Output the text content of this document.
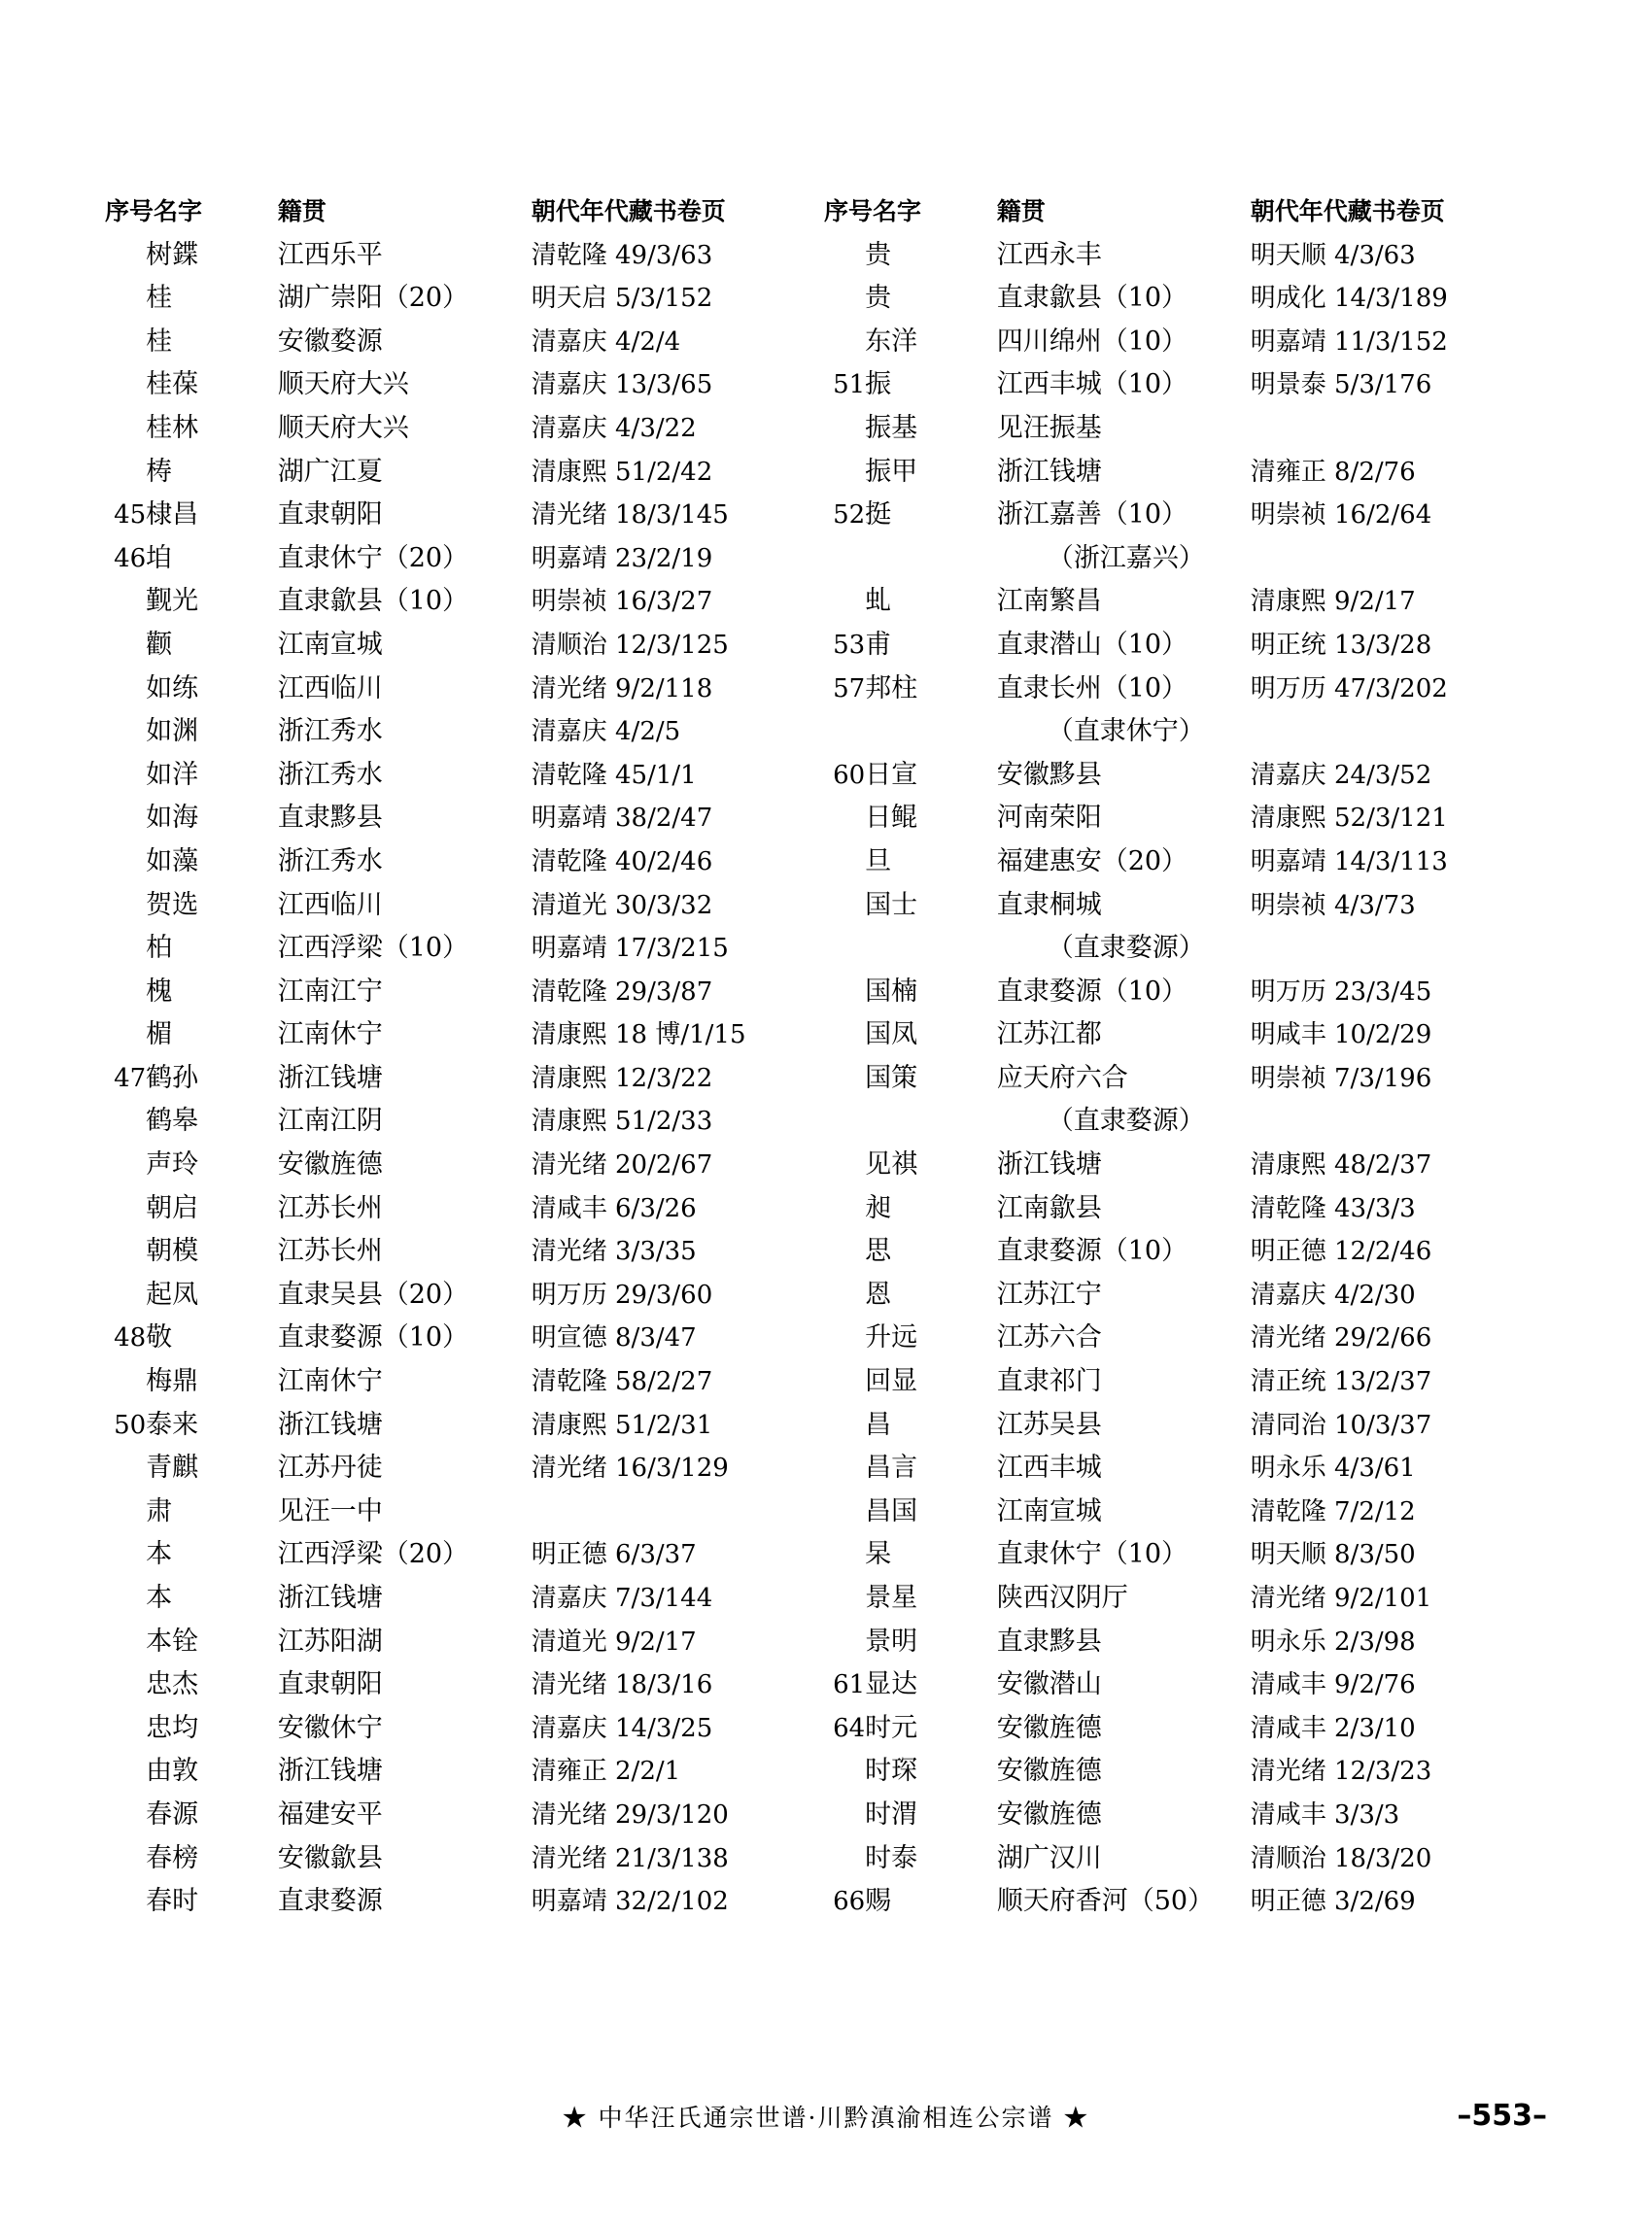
序号名字		籍贯	朝代年代藏书卷页
	树鍱	江西乐平	清乾隆 49/3/63
	桂	湖广崇阳（20）	明天启 5/3/152
	桂	安徽婺源	清嘉庆 4/2/4
	桂葆	顺天府大兴	清嘉庆 13/3/65
	桂林	顺天府大兴	清嘉庆 4/3/22
	梼	湖广江夏	清康熙 51/2/42
45	棣昌	直隶朝阳	清光绪 18/3/145
46	垍	直隶休宁（20）	明嘉靖 23/2/19
	觐光	直隶歙县（10）	明崇祯 16/3/27
	颧	江南宣城	清顺治 12/3/125
	如练	江西临川	清光绪 9/2/118
	如渊	浙江秀水	清嘉庆 4/2/5
	如洋	浙江秀水	清乾隆 45/1/1
	如海	直隶黟县	明嘉靖 38/2/47
	如藻	浙江秀水	清乾隆 40/2/46
	贺选	江西临川	清道光 30/3/32
	柏	江西浮梁（10）	明嘉靖 17/3/215
	槐	江南江宁	清乾隆 29/3/87
	楣	江南休宁	清康熙 18 博/1/15
47	鹤孙	浙江钱塘	清康熙 12/3/22
	鹤皋	江南江阴	清康熙 51/2/33
	声玲	安徽旌德	清光绪 20/2/67
	朝启	江苏长州	清咸丰 6/3/26
	朝模	江苏长州	清光绪 3/3/35
	起凤	直隶吴县（20）	明万历 29/3/60
48	敬	直隶婺源（10）	明宣德 8/3/47
	梅鼎	江南休宁	清乾隆 58/2/27
50	泰来	浙江钱塘	清康熙 51/2/31
	青麒	江苏丹徒	清光绪 16/3/129
	肃	见汪一中	
	本	江西浮梁（20）	明正德 6/3/37
	本	浙江钱塘	清嘉庆 7/3/144
	本铨	江苏阳湖	清道光 9/2/17
	忠杰	直隶朝阳	清光绪 18/3/16
	忠均	安徽休宁	清嘉庆 14/3/25
	由敦	浙江钱塘	清雍正 2/2/1
	春源	福建安平	清光绪 29/3/120
	春榜	安徽歙县	清光绪 21/3/138
	春时	直隶婺源	明嘉靖 32/2/102
序号名字		籍贯	朝代年代藏书卷页
	贵	江西永丰	明天顺 4/3/63
	贵	直隶歙县（10）	明成化 14/3/189
	东洋	四川绵州（10）	明嘉靖 11/3/152
51	振	江西丰城（10）	明景泰 5/3/176
	振基	见汪振基	
	振甲	浙江钱塘	清雍正 8/2/76
52	挺	浙江嘉善（10）	明崇祯 16/2/64
		（浙江嘉兴）	
	虬	江南繁昌	清康熙 9/2/17
53	甫	直隶潜山（10）	明正统 13/3/28
57	邦柱	直隶长州（10）	明万历 47/3/202
		（直隶休宁）	
60	日宣	安徽黟县	清嘉庆 24/3/52
	日鲲	河南荣阳	清康熙 52/3/121
	旦	福建惠安（20）	明嘉靖 14/3/113
	国士	直隶桐城	明崇祯 4/3/73
		（直隶婺源）	
	国楠	直隶婺源（10）	明万历 23/3/45
	国凤	江苏江都	明咸丰 10/2/29
	国策	应天府六合	明崇祯 7/3/196
		（直隶婺源）	
	见祺	浙江钱塘	清康熙 48/2/37
	昶	江南歙县	清乾隆 43/3/3
	思	直隶婺源（10）	明正德 12/2/46
	恩	江苏江宁	清嘉庆 4/2/30
	升远	江苏六合	清光绪 29/2/66
	回显	直隶祁门	清正统 13/2/37
	昌	江苏吴县	清同治 10/3/37
	昌言	江西丰城	明永乐 4/3/61
	昌国	江南宣城	清乾隆 7/2/12
	杲	直隶休宁（10）	明天顺 8/3/50
	景星	陕西汉阴厅	清光绪 9/2/101
	景明	直隶黟县	明永乐 2/3/98
61	显达	安徽潜山	清咸丰 9/2/76
64	时元	安徽旌德	清咸丰 2/3/10
	时琛	安徽旌德	清光绪 12/3/23
	时渭	安徽旌德	清咸丰 3/3/3
	时泰	湖广汉川	清顺治 18/3/20
66	赐	顺天府香河（50）	明正德 3/2/69
★ 中华汪氏通宗世谱·川黔滇渝相连公宗谱 ★	–553–
